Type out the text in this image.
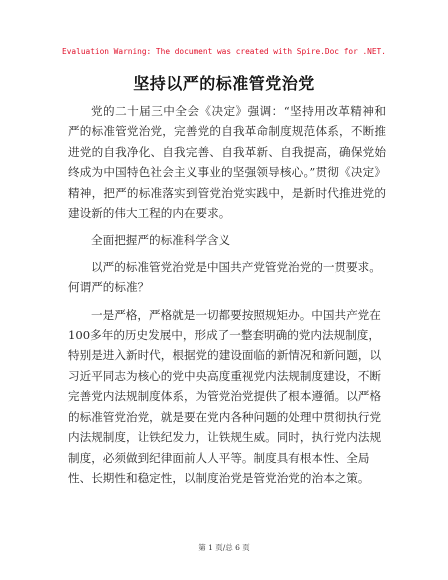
Evaluation Warning: The document was created with Spire.Doc for .NET.
坚持以严的标准管党治党

党的二十届三中全会《决定》强调：“坚持用改革精神和严的标准管党治党，完善党的自我革命制度规范体系，不断推进党的自我净化、自我完善、自我革新、自我提高，确保党始终成为中国特色社会主义事业的坚强领导核心。”贯彻《决定》精神，把严的标准落实到管党治党实践中，是新时代推进党的建设新的伟大工程的内在要求。

全面把握严的标准科学含义

以严的标准管党治党是中国共产党管党治党的一贯要求。何谓严的标准？

一是严格，严格就是一切都要按照规矩办。中国共产党在100多年的历史发展中，形成了一整套明确的党内法规制度，特别是进入新时代，根据党的建设面临的新情况和新问题，以习近平同志为核心的党中央高度重视党内法规制度建设，不断完善党内法规制度体系，为管党治党提供了根本遵循。以严格的标准管党治党，就是要在党内各种问题的处理中贯彻执行党内法规制度，让铁纪发力，让铁规生威。同时，执行党内法规制度，必须做到纪律面前人人平等。制度具有根本性、全局性、长期性和稳定性，以制度治党是管党治党的治本之策。

第 1 页/总 6 页
